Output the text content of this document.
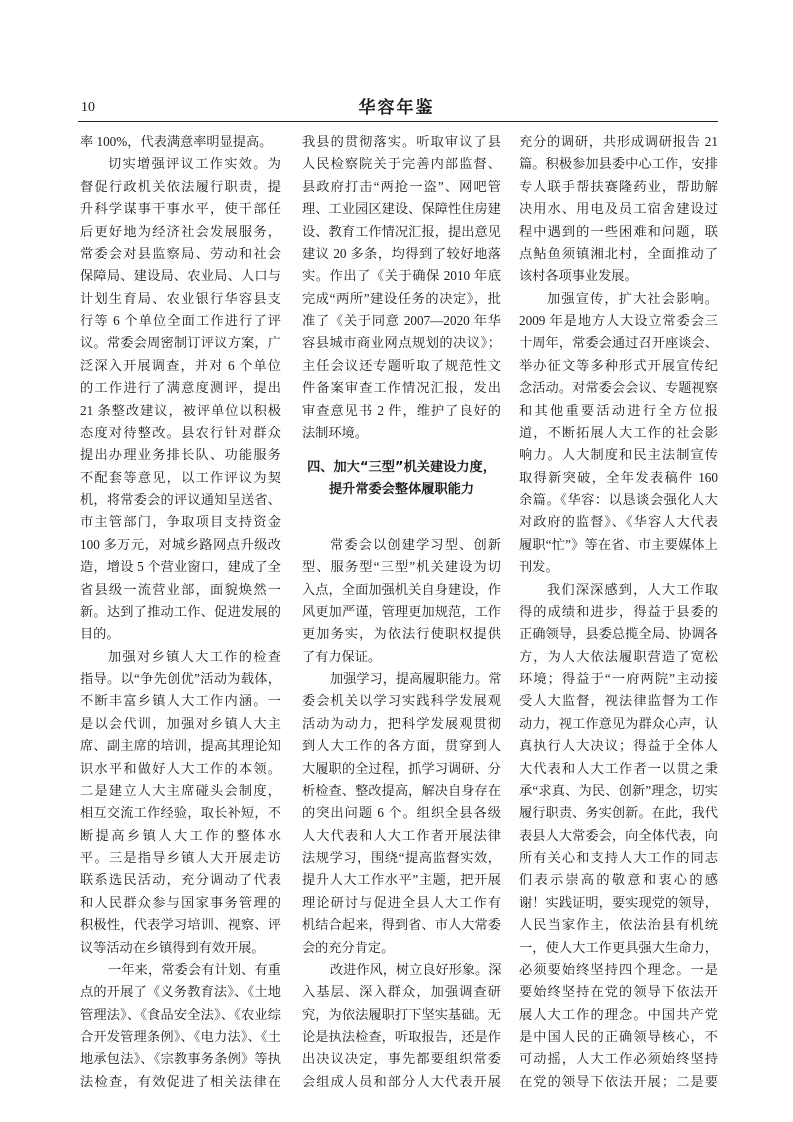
10	华容年鉴
率 100%，代表满意率明显提高。
切实增强评议工作实效。为
督促行政机关依法履行职责，提
升科学谋事干事水平，使干部任
后更好地为经济社会发展服务，
常委会对县监察局、劳动和社会
保障局、建设局、农业局、人口与
计划生育局、农业银行华容县支
行等 6 个单位全面工作进行了评
议。常委会周密制订评议方案，广
泛深入开展调查，并对 6 个单位
的工作进行了满意度测评，提出
21 条整改建议，被评单位以积极
态度对待整改。县农行针对群众
提出办理业务排长队、功能服务
不配套等意见，以工作评议为契
机，将常委会的评议通知呈送省、
市主管部门，争取项目支持资金
100 多万元，对城乡路网点升级改
造，增设 5 个营业窗口，建成了全
省县级一流营业部，面貌焕然一
新。达到了推动工作、促进发展的
目的。
加强对乡镇人大工作的检查
指导。以“争先创优”活动为载体，
不断丰富乡镇人大工作内涵。一
是以会代训，加强对乡镇人大主
席、副主席的培训，提高其理论知
识水平和做好人大工作的本领。
二是建立人大主席碰头会制度，
相互交流工作经验，取长补短，不
断提高乡镇人大工作的整体水
平。三是指导乡镇人大开展走访
联系选民活动，充分调动了代表
和人民群众参与国家事务管理的
积极性，代表学习培训、视察、评
议等活动在乡镇得到有效开展。
一年来，常委会有计划、有重
点的开展了《义务教育法》、《土地
管理法》、《食品安全法》、《农业综
合开发管理条例》、《电力法》、《土
地承包法》、《宗教事务条例》等执
法检查，有效促进了相关法律在
我县的贯彻落实。听取审议了县
人民检察院关于完善内部监督、
县政府打击“两抢一盗”、网吧管
理、工业园区建设、保障性住房建
设、教育工作情况汇报，提出意见
建议 20 多条，均得到了较好地落
实。作出了《关于确保 2010 年底
完成“两所”建设任务的决定》，批
准了《关于同意 2007—2020 年华
容县城市商业网点规划的决议》；
主任会议还专题听取了规范性文
件备案审查工作情况汇报，发出
审查意见书 2 件，维护了良好的
法制环境。
四、加大“三型”机关建设力度，
提升常委会整体履职能力
常委会以创建学习型、创新
型、服务型“三型”机关建设为切
入点，全面加强机关自身建设，作
风更加严谨，管理更加规范，工作
更加务实，为依法行使职权提供
了有力保证。
加强学习，提高履职能力。常
委会机关以学习实践科学发展观
活动为动力，把科学发展观贯彻
到人大工作的各方面，贯穿到人
大履职的全过程，抓学习调研、分
析检查、整改提高，解决自身存在
的突出问题 6 个。组织全县各级
人大代表和人大工作者开展法律
法规学习，围绕“提高监督实效，
提升人大工作水平”主题，把开展
理论研讨与促进全县人大工作有
机结合起来，得到省、市人大常委
会的充分肯定。
改进作风，树立良好形象。深
入基层、深入群众，加强调查研
究，为依法履职打下坚实基础。无
论是执法检查，听取报告，还是作
出决议决定，事先都要组织常委
会组成人员和部分人大代表开展
充分的调研，共形成调研报告 21
篇。积极参加县委中心工作，安排
专人联手帮扶赛隆药业，帮助解
决用水、用电及员工宿舍建设过
程中遇到的一些困难和问题，联
点鲇鱼须镇湘北村，全面推动了
该村各项事业发展。
加强宣传，扩大社会影响。
2009 年是地方人大设立常委会三
十周年，常委会通过召开座谈会、
举办征文等多种形式开展宣传纪
念活动。对常委会会议、专题视察
和其他重要活动进行全方位报
道，不断拓展人大工作的社会影
响力。人大制度和民主法制宣传
取得新突破，全年发表稿件 160
余篇。《华容：以恳谈会强化人大
对政府的监督》、《华容人大代表
履职“忙”》等在省、市主要媒体上
刊发。
我们深深感到，人大工作取
得的成绩和进步，得益于县委的
正确领导，县委总揽全局、协调各
方，为人大依法履职营造了宽松
环境；得益于“一府两院”主动接
受人大监督，视法律监督为工作
动力，视工作意见为群众心声，认
真执行人大决议；得益于全体人
大代表和人大工作者一以贯之秉
承“求真、为民、创新”理念，切实
履行职责、务实创新。在此，我代
表县人大常委会，向全体代表，向
所有关心和支持人大工作的同志
们表示崇高的敬意和衷心的感
谢！实践证明，要实现党的领导，
人民当家作主，依法治县有机统
一，使人大工作更具强大生命力，
必须要始终坚持四个理念。一是
要始终坚持在党的领导下依法开
展人大工作的理念。中国共产党
是中国人民的正确领导核心，不
可动摇，人大工作必须始终坚持
在党的领导下依法开展；二是要
